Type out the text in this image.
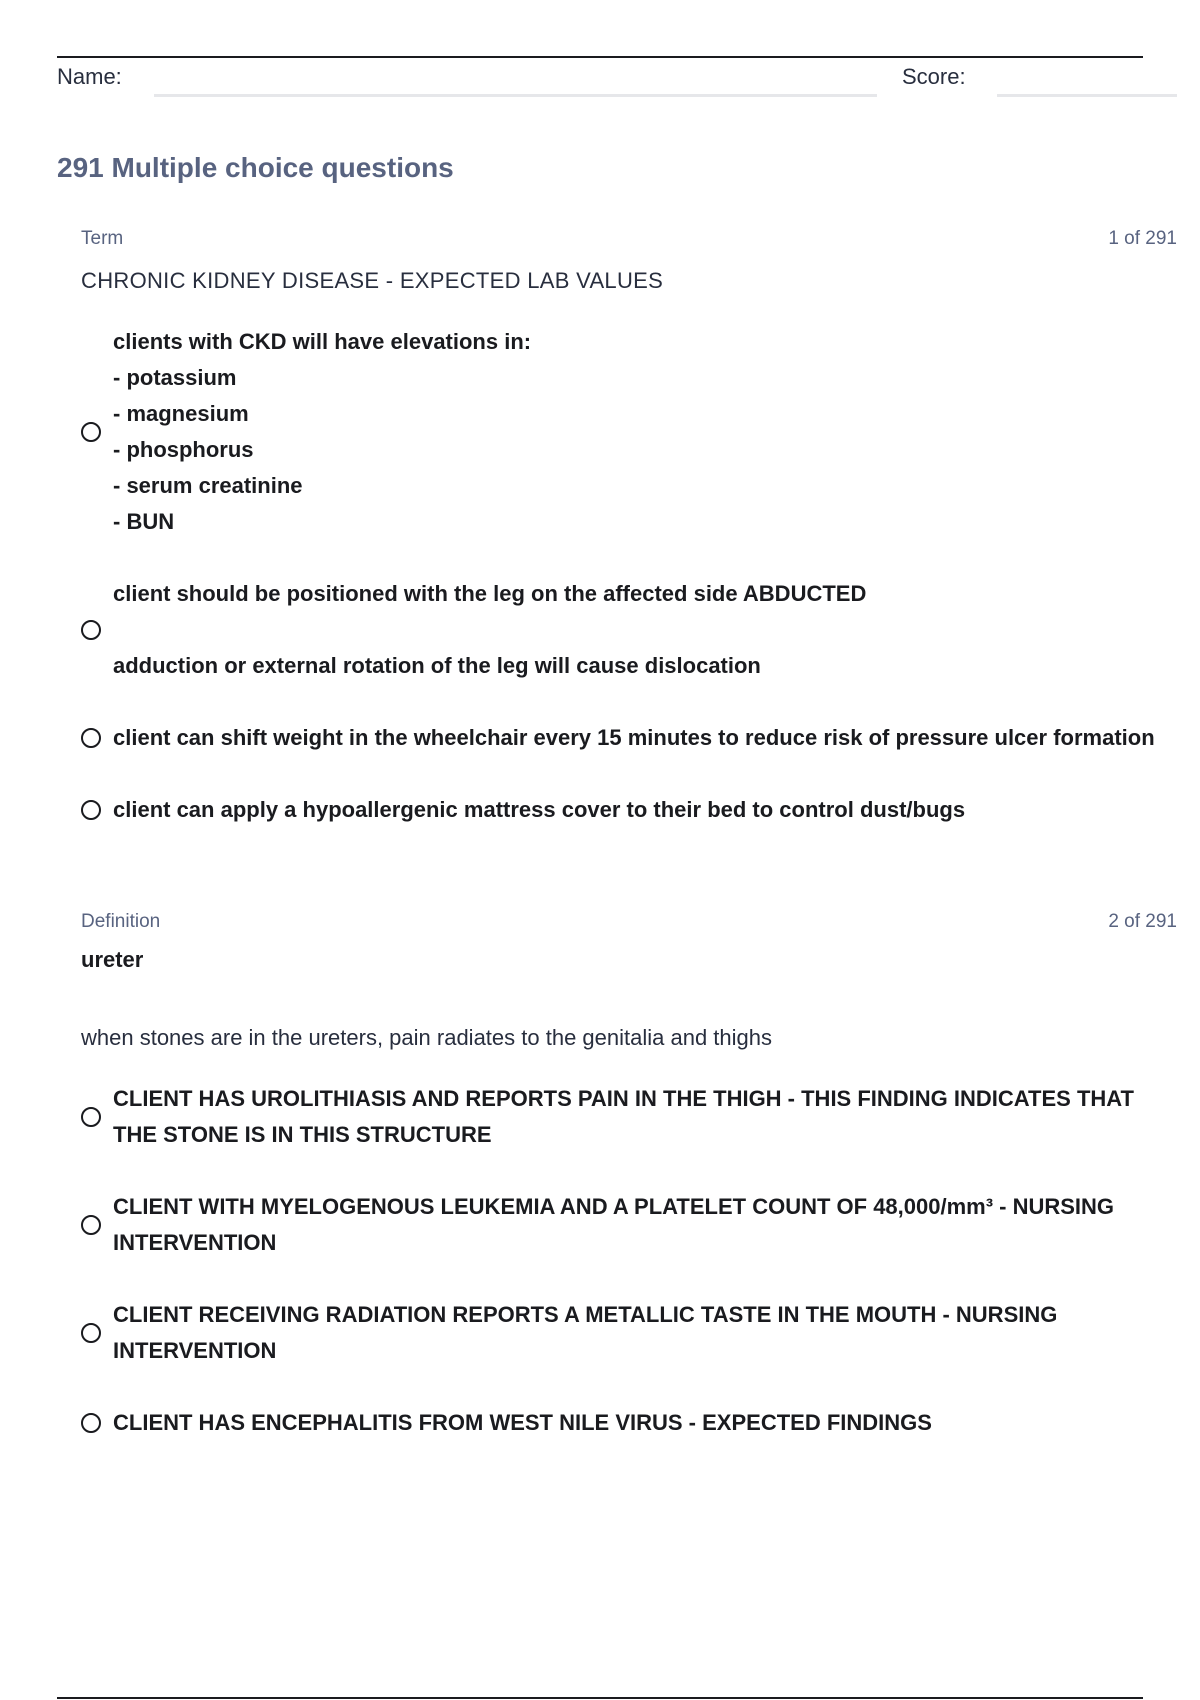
Name:	Score:
291 Multiple choice questions
Term	1 of 291
CHRONIC KIDNEY DISEASE - EXPECTED LAB VALUES
clients with CKD will have elevations in:
- potassium
- magnesium
- phosphorus
- serum creatinine
- BUN
client should be positioned with the leg on the affected side ABDUCTED
adduction or external rotation of the leg will cause dislocation
client can shift weight in the wheelchair every 15 minutes to reduce risk of pressure ulcer formation
client can apply a hypoallergenic mattress cover to their bed to control dust/bugs
Definition	2 of 291
ureter
when stones are in the ureters, pain radiates to the genitalia and thighs
CLIENT HAS UROLITHIASIS AND REPORTS PAIN IN THE THIGH - THIS FINDING INDICATES THAT THE STONE IS IN THIS STRUCTURE
CLIENT WITH MYELOGENOUS LEUKEMIA AND A PLATELET COUNT OF 48,000/mm³ - NURSING INTERVENTION
CLIENT RECEIVING RADIATION REPORTS A METALLIC TASTE IN THE MOUTH - NURSING INTERVENTION
CLIENT HAS ENCEPHALITIS FROM WEST NILE VIRUS - EXPECTED FINDINGS
